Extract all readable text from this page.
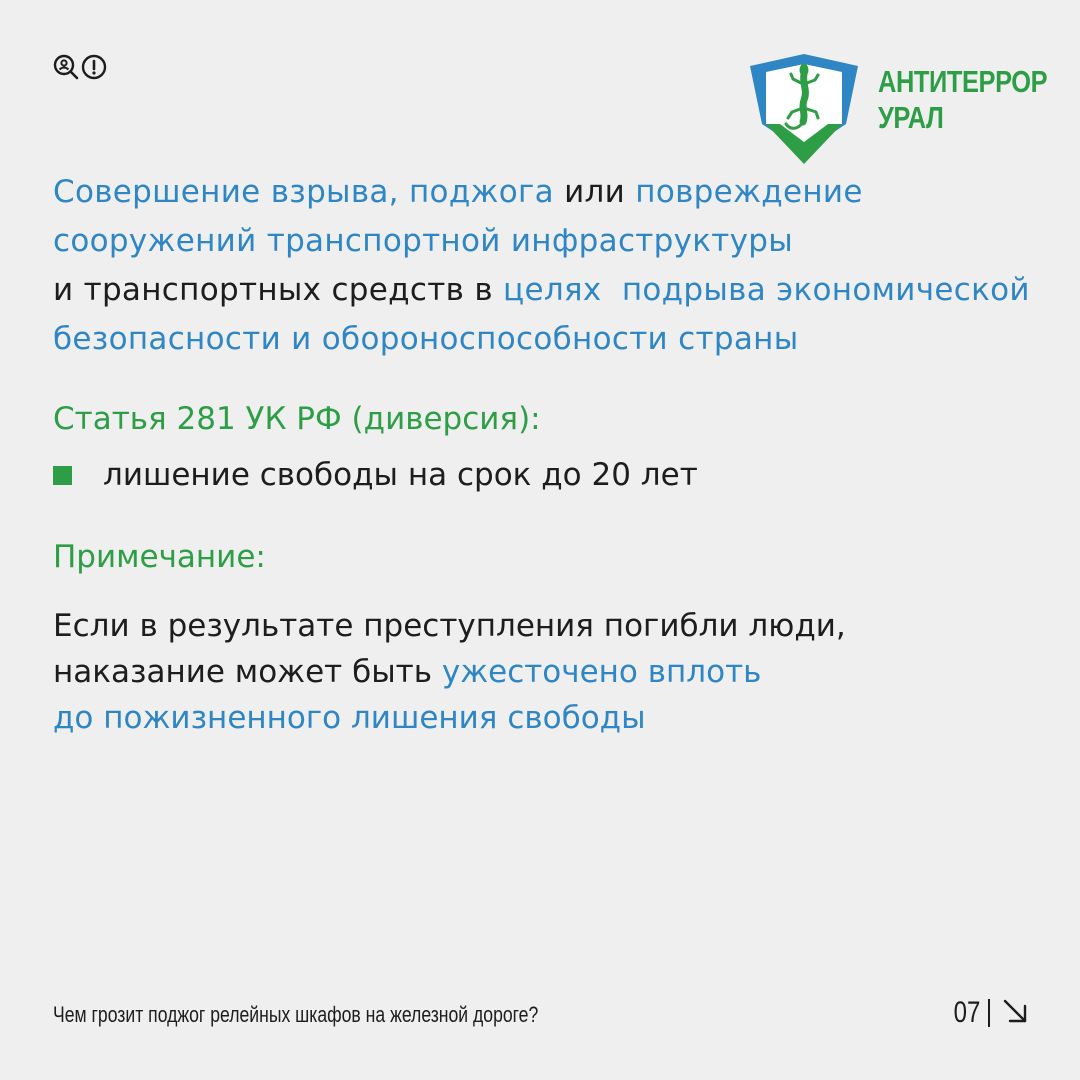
АНТИТЕРРОР
УРАЛ

Совершение взрыва, поджога или повреждение
сооружений транспортной инфраструктуры
и транспортных средств в целях  подрыва экономической
безопасности и обороноспособности страны

Статья 281 УК РФ (диверсия):

лишение свободы на срок до 20 лет

Примечание:

Если в результате преступления погибли люди,
наказание может быть ужесточено вплоть
до пожизненного лишения свободы

Чем грозит поджог релейных шкафов на железной дороге?	07
